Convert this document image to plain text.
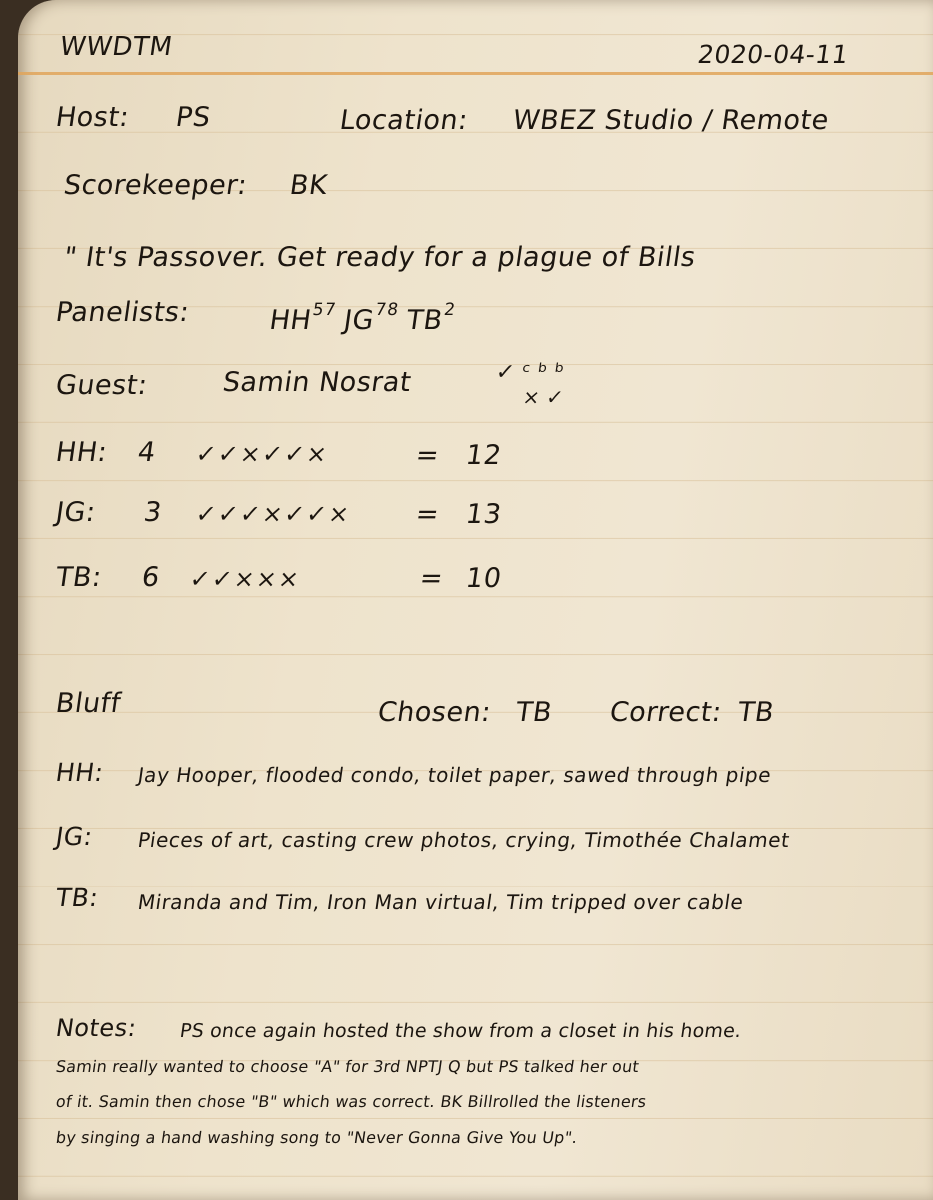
WWDTM	2020-04-11
Host: PS	Location: WBEZ Studio / Remote
Scorekeeper: BK
" It's Passover. Get ready for a plague of Bills
Panelists:	HH$^{57}$ JG$^{78}$ $TB^2$
Guest:	Samin Nosrat	✓ ᶜ ᵇ ᵇ
× ✓
HH: 4 ✓✓×✓✓×	= 12
JG: 3 ✓✓✓×✓✓× = 13
TB: 6 ✓✓×××	= 10
Bluff	Chosen: TB Correct: TB
HH: Jay Hooper, flooded condo, toilet paper, sawed through pipe
JG: Pieces of art, casting crew photos, crying, Timothée Chalamet
TB: Miranda and Tim, Iron Man virtual, Tim tripped over cable
Notes: PS once again hosted the show from a closet in his home.
Samin really wanted to choose "A" for 3rd NPTJ Q but PS talked her out
of it. Samin then chose "B" which was correct. BK Billrolled the listeners
by singing a hand washing song to "Never Gonna Give You Up".
